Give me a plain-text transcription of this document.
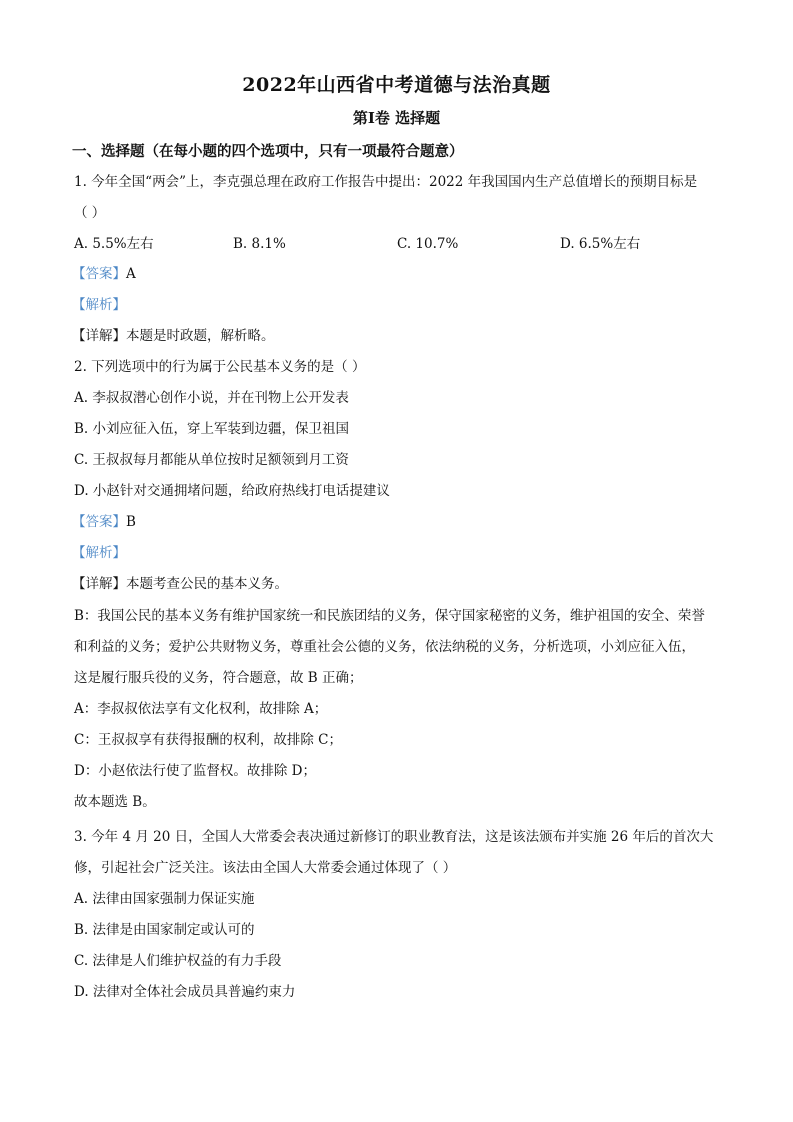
2022年山西省中考道德与法治真题
第Ⅰ卷 选择题
一、选择题（在每小题的四个选项中，只有一项最符合题意）
1. 今年全国“两会”上，李克强总理在政府工作报告中提出：2022 年我国国内生产总值增长的预期目标是
（ ）
A. 5.5%左右	B. 8.1%	C. 10.7%	D. 6.5%左右
【答案】A
【解析】
【详解】本题是时政题，解析略。
2. 下列选项中的行为属于公民基本义务的是（ ）
A. 李叔叔潜心创作小说，并在刊物上公开发表
B. 小刘应征入伍，穿上军装到边疆，保卫祖国
C. 王叔叔每月都能从单位按时足额领到月工资
D. 小赵针对交通拥堵问题，给政府热线打电话提建议
【答案】B
【解析】
【详解】本题考查公民的基本义务。
B：我国公民的基本义务有维护国家统一和民族团结的义务，保守国家秘密的义务，维护祖国的安全、荣誉
和利益的义务；爱护公共财物义务，尊重社会公德的义务，依法纳税的义务，分析选项，小刘应征入伍，
这是履行服兵役的义务，符合题意，故 B 正确；
A：李叔叔依法享有文化权利，故排除 A；
C：王叔叔享有获得报酬的权利，故排除 C；
D：小赵依法行使了监督权。故排除 D；
故本题选 B。
3. 今年 4 月 20 日，全国人大常委会表决通过新修订的职业教育法，这是该法颁布并实施 26 年后的首次大
修，引起社会广泛关注。该法由全国人大常委会通过体现了（ ）
A. 法律由国家强制力保证实施
B. 法律是由国家制定或认可的
C. 法律是人们维护权益的有力手段
D. 法律对全体社会成员具普遍约束力
